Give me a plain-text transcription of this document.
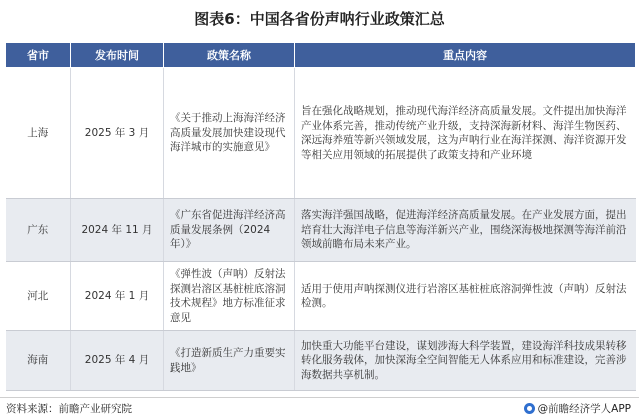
图表6：中国各省份声呐行业政策汇总
省市	发布时间	政策名称	重点内容
上海	2025 年 3 月	《关于推动上海海洋经济高质量发展加快建设现代海洋城市的实施意见》	旨在强化战略规划，推动现代海洋经济高质量发展。文件提出加快海洋产业体系完善，推动传统产业升级，支持深海新材料、海洋生物医药、深远海养殖等新兴领域发展，这为声呐行业在海洋探测、海洋资源开发等相关应用领域的拓展提供了政策支持和产业环境
广东	2024 年 11 月	《广东省促进海洋经济高质量发展条例（2024年）》	落实海洋强国战略，促进海洋经济高质量发展。在产业发展方面，提出培育壮大海洋电子信息等海洋新兴产业，围绕深海极地探测等海洋前沿领域前瞻布局未来产业。
河北	2024 年 1 月	《弹性波（声呐）反射法探测岩溶区基桩桩底溶洞技术规程》地方标准征求意见	适用于使用声呐探测仪进行岩溶区基桩桩底溶洞弹性波（声呐）反射法检测。
海南	2025 年 4 月	《打造新质生产力重要实践地》	加快重大功能平台建设，谋划涉海大科学装置，建设海洋科技成果转移转化服务载体，加快深海全空间智能无人体系应用和标准建设，完善涉海数据共享机制。
资料来源：前瞻产业研究院	@前瞻经济学人APP
